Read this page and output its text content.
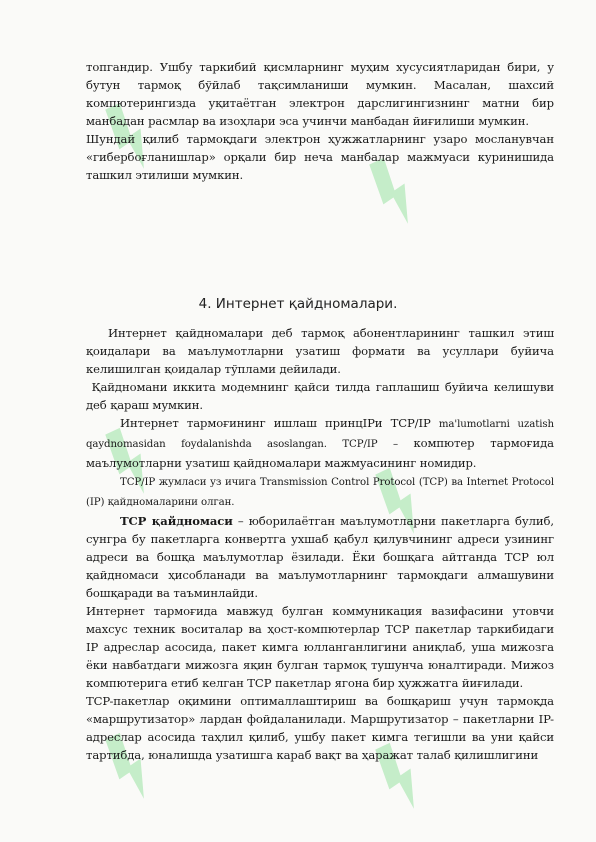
топгандир. Ушбу таркибий қисмларнинг муҳим хусусиятларидан бири, у бутун тармоқ бўйлаб тақсимланиши мумкин. Масалан, шахсий компютерингизда уқитаётган электрон дарслигингизнинг матни бир манбадан расмлар ва изоҳлари эса учинчи манбадан йиғилиши мумкин.

Шундай қилиб тармоқдаги электрон ҳужжатларнинг узаро мосланувчан «гибербоғланишлар» орқали бир неча манбалар мажмуаси куринишида ташкил этилиши мумкин.

4. Интернет қайдномалари.

Интернет қайдномалари деб тармоқ абонентларининг ташкил этиш қоидалари ва маълумотларни узатиш формати ва усуллари буйича келишилган қоидалар тўплами дейилади.

Қайдномани иккита модемнинг қайси тилда гаплашиш буйича келишуви деб қараш мумкин.

Интернет тармоғининг ишлаш принцIPи TCP/IP ma'lumotlarni uzatish qaydnomasidan foydalanishda asoslangan. TCP/IP – компютер тармоғида маълумотларни узатиш қайдномалари мажмуасининг номидир.

TCP/IP жумласи уз ичига Transmission Control Protocol (TCP) ва Internet Protocol (IP) қайдномаларини олган.

TCP қайдномаси – юборилаётган маълумотларни пакетларга булиб, сунгра бу пакетларга конвертга ухшаб қабул қилувчининг адреси узининг адреси ва бошқа маълумотлар ёзилади. Ёки бошқага айтганда TCP юл қайдномаси ҳисобланади ва маълумотларнинг тармоқдаги алмашувини бошқаради ва таъминлайди.

Интернет тармоғида мавжуд булган коммуникация вазифасини утовчи махсус техник воситалар ва ҳост-компютерлар TCP пакетлар таркибидаги IP адреслар асосида, пакет кимга юлланганлигини аниқлаб, уша мижозга ёки навбатдаги мижозга яқин булган тармоқ тушунча юналтиради. Мижоз компютерига етиб келган TCP пакетлар ягона бир ҳужжатга йиғилади.

TCP-пакетлар оқимини оптималлаштириш ва бошқариш учун тармоқда «маршрутизатор» лардан фойдаланилади. Маршрутизатор – пакетларни IP-адреслар асосида таҳлил қилиб, ушбу пакет кимга тегишли ва уни қайси тартибда, юналишда узатишга караб вақт ва ҳаражат талаб қилишлигини
